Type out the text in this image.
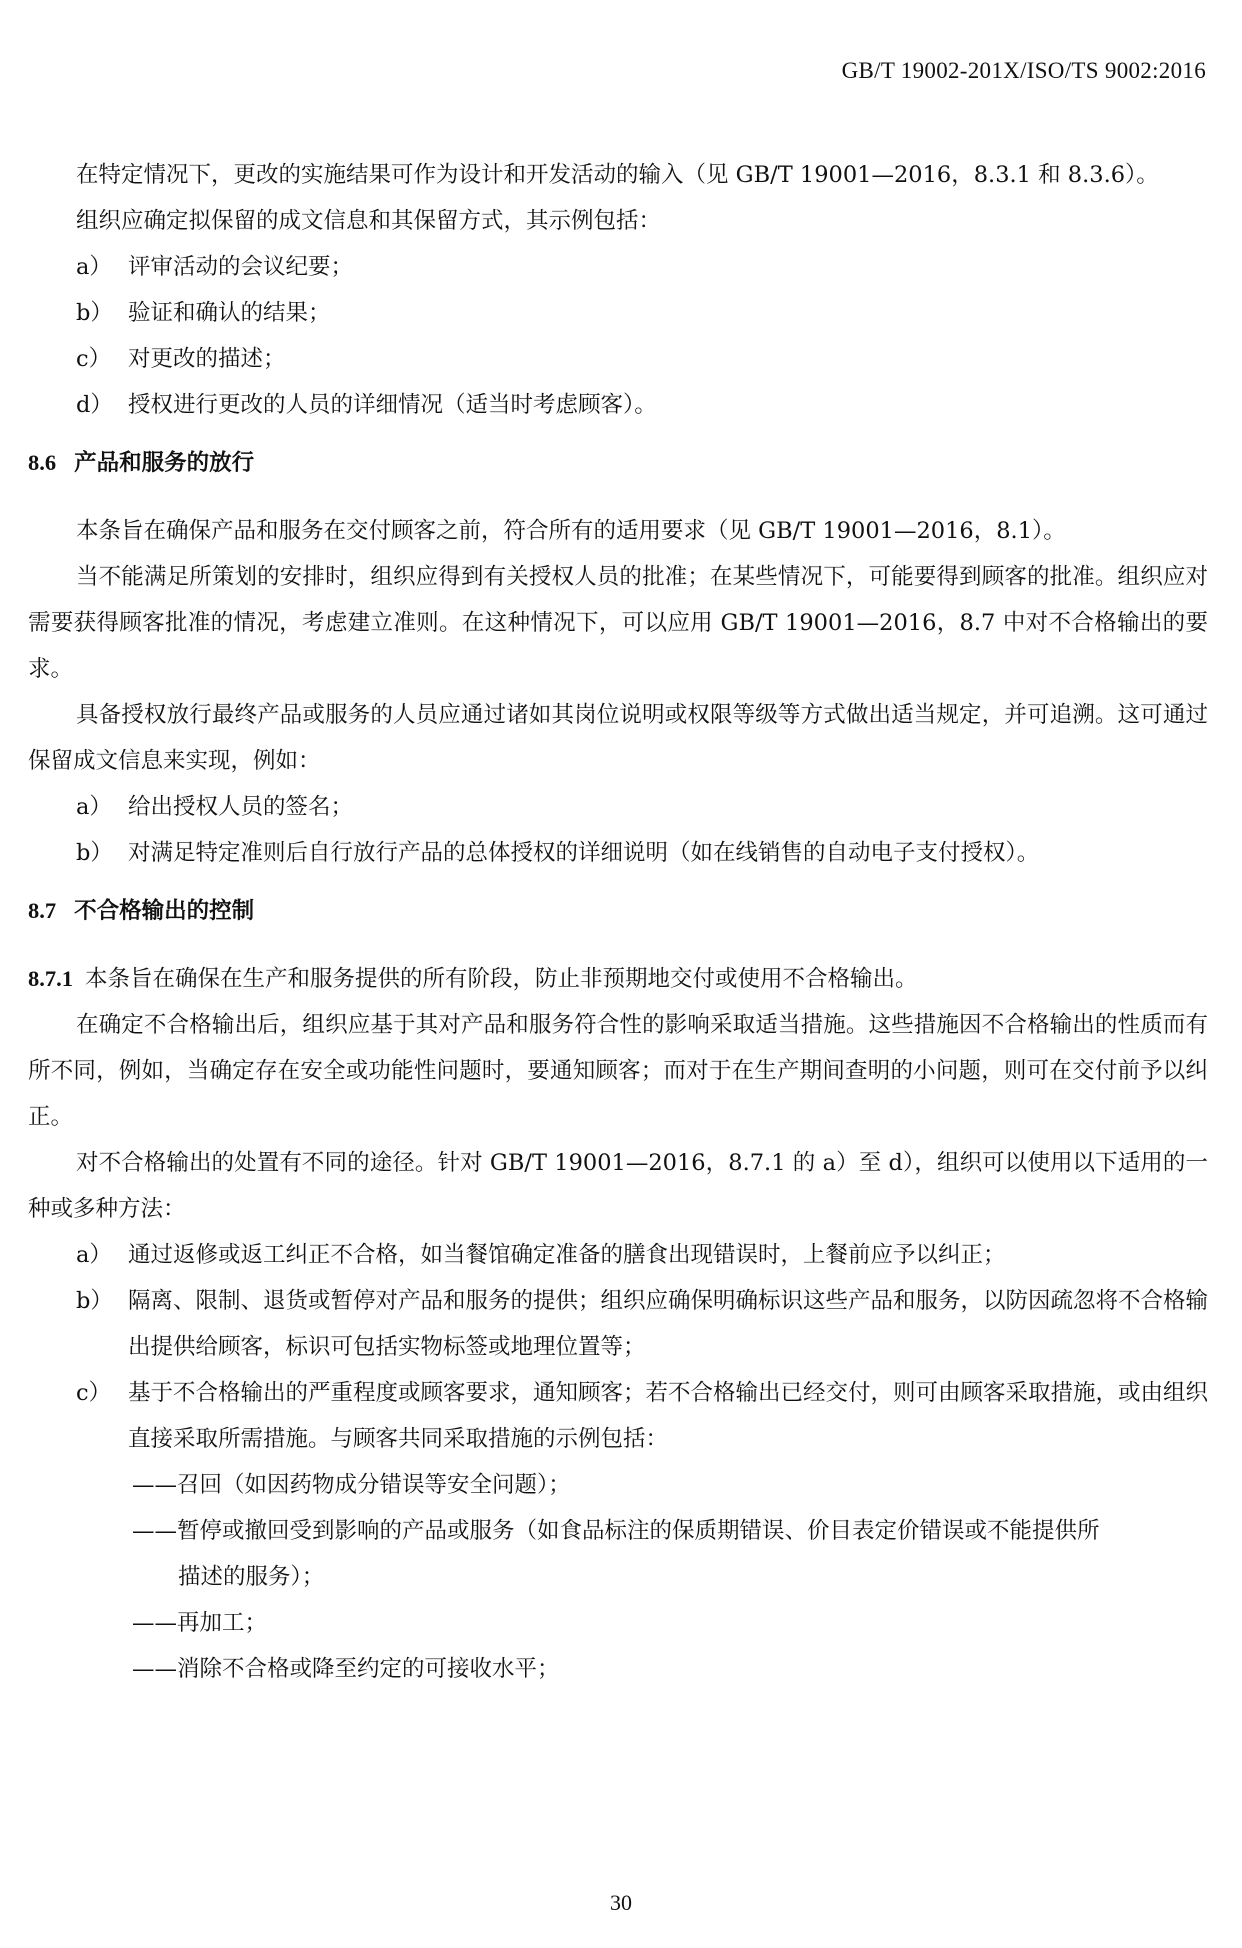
GB/T 19002-201X/ISO/TS 9002:2016

在特定情况下，更改的实施结果可作为设计和开发活动的输入（见 GB/T 19001—2016，8.3.1 和 8.3.6）。

组织应确定拟保留的成文信息和其保留方式，其示例包括：

a） 评审活动的会议纪要；

b） 验证和确认的结果；

c） 对更改的描述；

d） 授权进行更改的人员的详细情况（适当时考虑顾客）。

8.6 产品和服务的放行

本条旨在确保产品和服务在交付顾客之前，符合所有的适用要求（见 GB/T 19001—2016，8.1）。

当不能满足所策划的安排时，组织应得到有关授权人员的批准；在某些情况下，可能要得到顾客的批准。组织应对需要获得顾客批准的情况，考虑建立准则。在这种情况下，可以应用 GB/T 19001—2016，8.7 中对不合格输出的要求。

具备授权放行最终产品或服务的人员应通过诸如其岗位说明或权限等级等方式做出适当规定，并可追溯。这可通过保留成文信息来实现，例如：

a） 给出授权人员的签名；

b） 对满足特定准则后自行放行产品的总体授权的详细说明（如在线销售的自动电子支付授权）。

8.7 不合格输出的控制

8.7.1 本条旨在确保在生产和服务提供的所有阶段，防止非预期地交付或使用不合格输出。

在确定不合格输出后，组织应基于其对产品和服务符合性的影响采取适当措施。这些措施因不合格输出的性质而有所不同，例如，当确定存在安全或功能性问题时，要通知顾客；而对于在生产期间查明的小问题，则可在交付前予以纠正。

对不合格输出的处置有不同的途径。针对 GB/T 19001—2016，8.7.1 的 a）至 d），组织可以使用以下适用的一种或多种方法：

a） 通过返修或返工纠正不合格，如当餐馆确定准备的膳食出现错误时，上餐前应予以纠正；

b） 隔离、限制、退货或暂停对产品和服务的提供；组织应确保明确标识这些产品和服务，以防因疏忽将不合格输出提供给顾客，标识可包括实物标签或地理位置等；

c） 基于不合格输出的严重程度或顾客要求，通知顾客；若不合格输出已经交付，则可由顾客采取措施，或由组织直接采取所需措施。与顾客共同采取措施的示例包括：

——召回（如因药物成分错误等安全问题）；

——暂停或撤回受到影响的产品或服务（如食品标注的保质期错误、价目表定价错误或不能提供所

描述的服务）；

——再加工；

——消除不合格或降至约定的可接收水平；

30
